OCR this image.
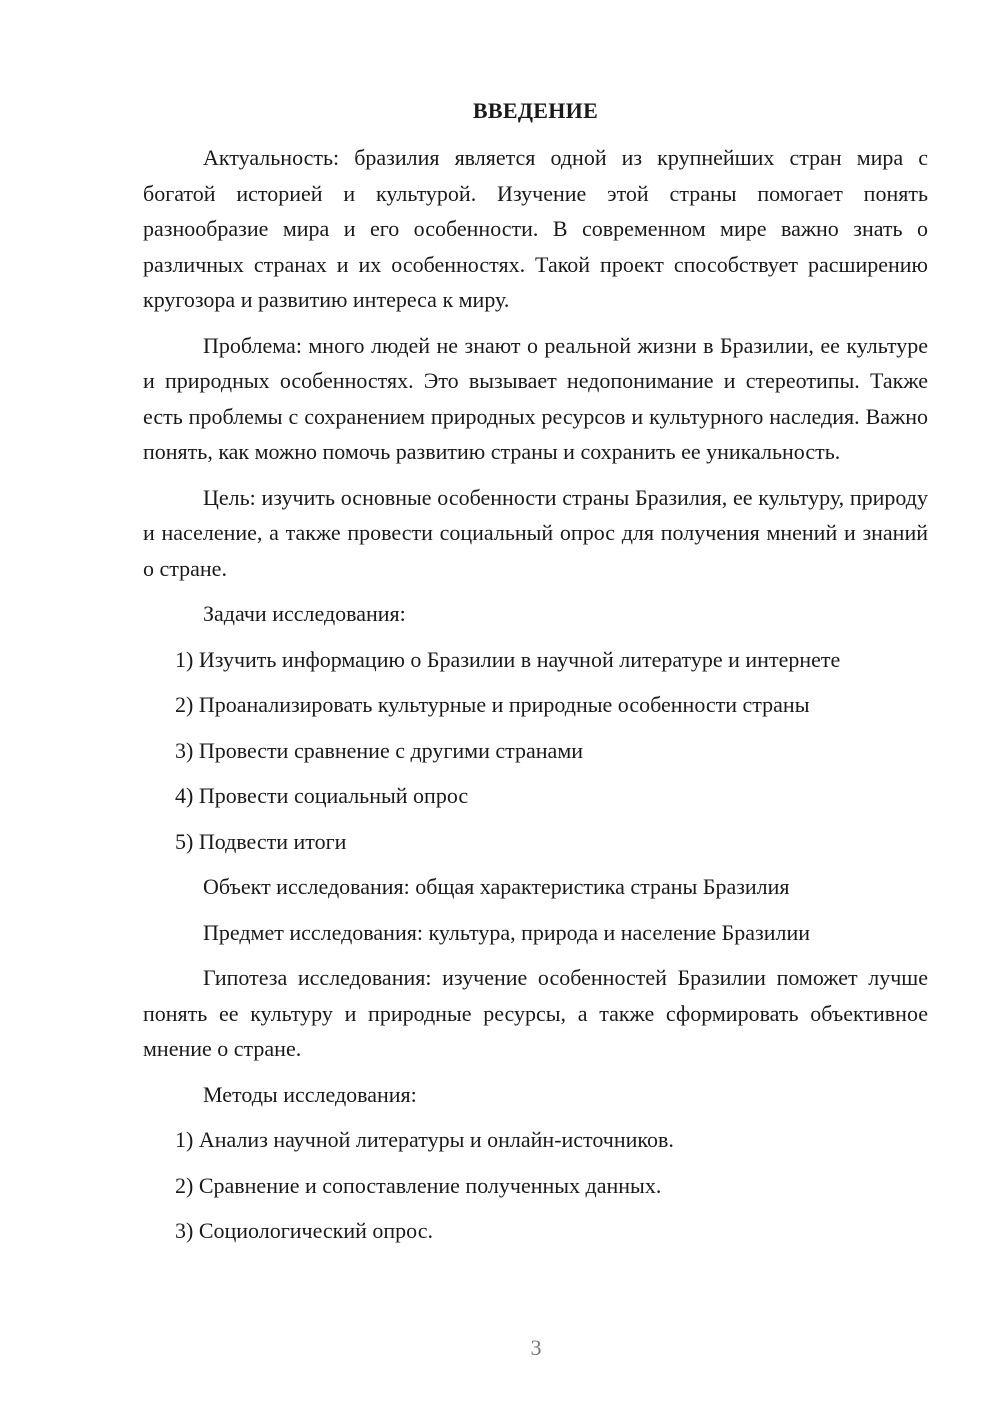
ВВЕДЕНИЕ
Актуальность: бразилия является одной из крупнейших стран мира с богатой историей и культурой. Изучение этой страны помогает понять разнообразие мира и его особенности. В современном мире важно знать о различных странах и их особенностях. Такой проект способствует расширению кругозора и развитию интереса к миру.
Проблема: много людей не знают о реальной жизни в Бразилии, ее культуре и природных особенностях. Это вызывает недопонимание и стереотипы. Также есть проблемы с сохранением природных ресурсов и культурного наследия. Важно понять, как можно помочь развитию страны и сохранить ее уникальность.
Цель: изучить основные особенности страны Бразилия, ее культуру, природу и население, а также провести социальный опрос для получения мнений и знаний о стране.
Задачи исследования:
1) Изучить информацию о Бразилии в научной литературе и интернете
2) Проанализировать культурные и природные особенности страны
3) Провести сравнение с другими странами
4) Провести социальный опрос
5) Подвести итоги
Объект исследования: общая характеристика страны Бразилия
Предмет исследования: культура, природа и население Бразилии
Гипотеза исследования: изучение особенностей Бразилии поможет лучше понять ее культуру и природные ресурсы, а также сформировать объективное мнение о стране.
Методы исследования:
1) Анализ научной литературы и онлайн-источников.
2) Сравнение и сопоставление полученных данных.
3) Социологический опрос.
3
